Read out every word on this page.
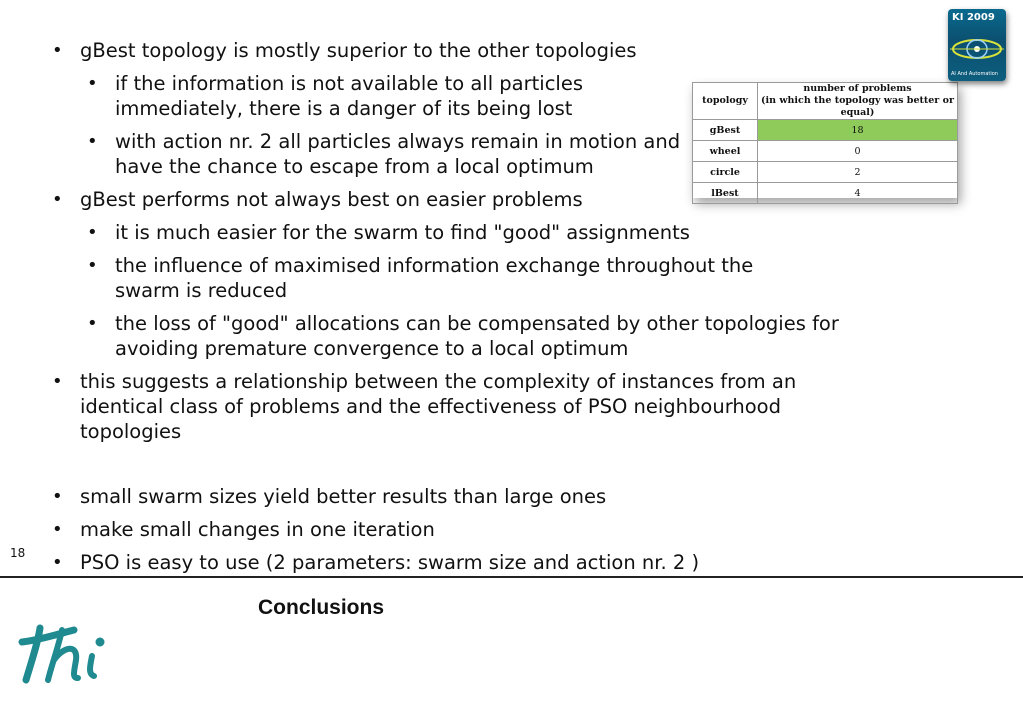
• gBest topology is mostly superior to the other topologies
• if the information is not available to all particles immediately, there is a danger of its being lost
• with action nr. 2 all particles always remain in motion and have the chance to escape from a local optimum
• gBest performs not always best on easier problems
• it is much easier for the swarm to find "good" assignments
• the influence of maximised information exchange throughout the swarm is reduced
• the loss of "good" allocations can be compensated by other topologies for avoiding premature convergence to a local optimum
• this suggests a relationship between the complexity of instances from an identical class of problems and the effectiveness of PSO neighbourhood topologies
• small swarm sizes yield better results than large ones
• make small changes in one iteration
• PSO is easy to use (2 parameters: swarm size and action nr. 2 )
topology	number of problems
(in which the topology was better or equal)
gBest	18
wheel	0
circle	2
lBest	4
KI 2009
AI And Automation
18
Conclusions
